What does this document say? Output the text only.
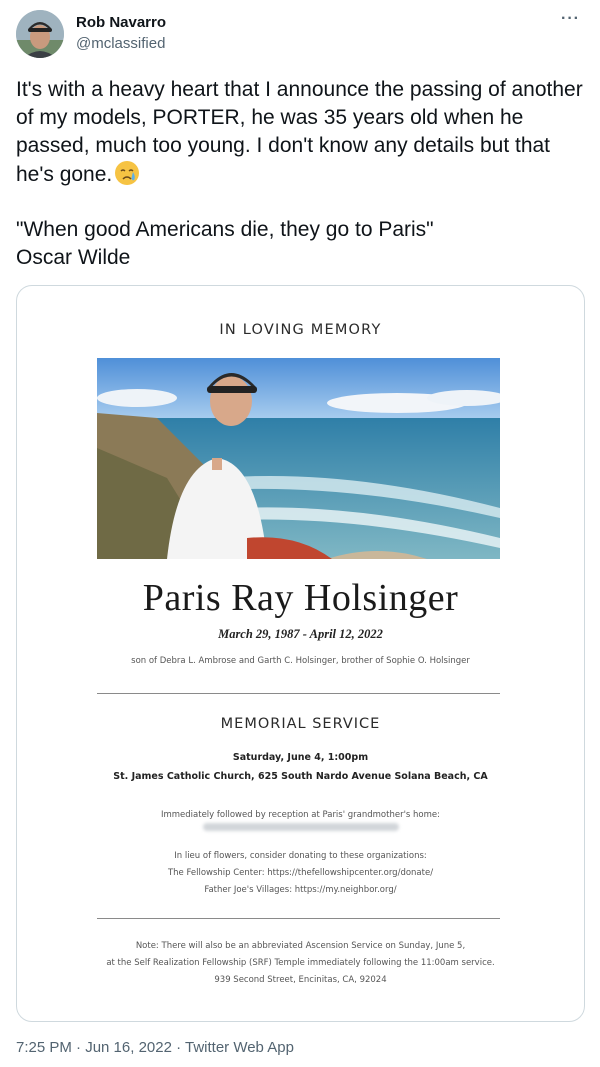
Rob Navarro
@mclassified
···
It's with a heavy heart that I announce the passing of another of my models, PORTER, he was 35 years old when he passed, much too young. I don't know any details but that he's gone.
"When good Americans die, they go to Paris"
Oscar Wilde
IN LOVING MEMORY
Paris Ray Holsinger
March 29, 1987 - April 12, 2022
son of Debra L. Ambrose and Garth C. Holsinger, brother of Sophie O. Holsinger
MEMORIAL SERVICE
Saturday, June 4, 1:00pm
St. James Catholic Church, 625 South Nardo Avenue Solana Beach, CA
Immediately followed by reception at Paris' grandmother's home:
In lieu of flowers, consider donating to these organizations:
The Fellowship Center: https://thefellowshipcenter.org/donate/
Father Joe's Villages: https://my.neighbor.org/
Note: There will also be an abbreviated Ascension Service on Sunday, June 5,
at the Self Realization Fellowship (SRF) Temple immediately following the 11:00am service.
939 Second Street, Encinitas, CA, 92024
7:25 PM · Jun 16, 2022 · Twitter Web App
